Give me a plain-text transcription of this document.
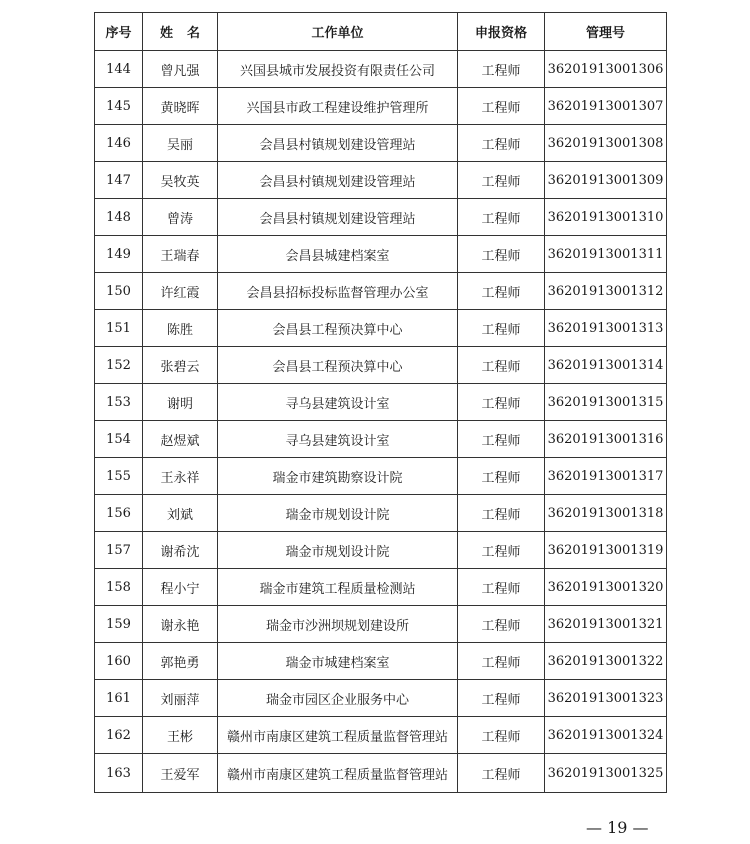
序号	姓名	工作单位	申报资格	管理号
144	曾凡强	兴国县城市发展投资有限责任公司	工程师	36201913001306
145	黄晓晖	兴国县市政工程建设维护管理所	工程师	36201913001307
146	吴丽	会昌县村镇规划建设管理站	工程师	36201913001308
147	吴牧英	会昌县村镇规划建设管理站	工程师	36201913001309
148	曾涛	会昌县村镇规划建设管理站	工程师	36201913001310
149	王瑞春	会昌县城建档案室	工程师	36201913001311
150	许红霞	会昌县招标投标监督管理办公室	工程师	36201913001312
151	陈胜	会昌县工程预决算中心	工程师	36201913001313
152	张碧云	会昌县工程预决算中心	工程师	36201913001314
153	谢明	寻乌县建筑设计室	工程师	36201913001315
154	赵煜斌	寻乌县建筑设计室	工程师	36201913001316
155	王永祥	瑞金市建筑勘察设计院	工程师	36201913001317
156	刘斌	瑞金市规划设计院	工程师	36201913001318
157	谢希沈	瑞金市规划设计院	工程师	36201913001319
158	程小宁	瑞金市建筑工程质量检测站	工程师	36201913001320
159	谢永艳	瑞金市沙洲坝规划建设所	工程师	36201913001321
160	郭艳勇	瑞金市城建档案室	工程师	36201913001322
161	刘丽萍	瑞金市园区企业服务中心	工程师	36201913001323
162	王彬	赣州市南康区建筑工程质量监督管理站	工程师	36201913001324
163	王爱军	赣州市南康区建筑工程质量监督管理站	工程师	36201913001325
— 19 —
